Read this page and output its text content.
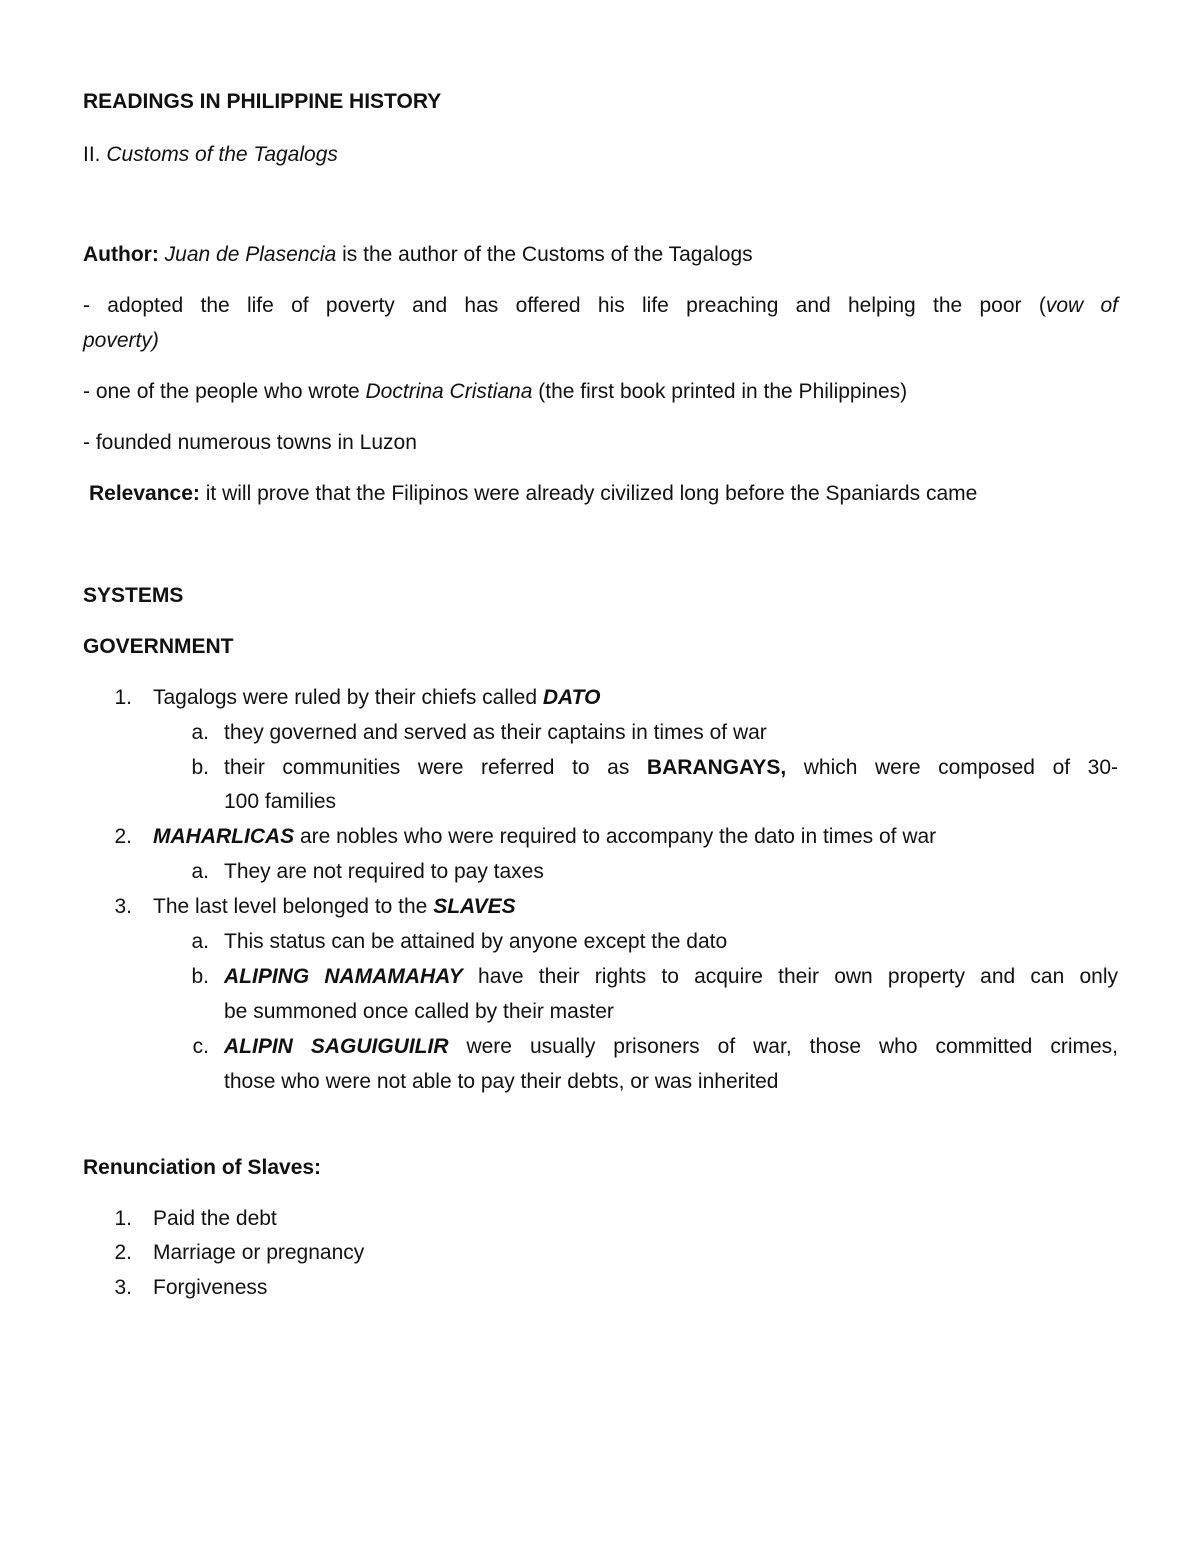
READINGS IN PHILIPPINE HISTORY
II. Customs of the Tagalogs
Author: Juan de Plasencia is the author of the Customs of the Tagalogs
- adopted the life of poverty and has offered his life preaching and helping the poor (vow of
poverty)
- one of the people who wrote Doctrina Cristiana (the first book printed in the Philippines)
- founded numerous towns in Luzon
Relevance: it will prove that the Filipinos were already civilized long before the Spaniards came
SYSTEMS
GOVERNMENT
1. Tagalogs were ruled by their chiefs called DATO
a. they governed and served as their captains in times of war
b. their communities were referred to as BARANGAYS, which were composed of 30-
100 families
2. MAHARLICAS are nobles who were required to accompany the dato in times of war
a. They are not required to pay taxes
3. The last level belonged to the SLAVES
a. This status can be attained by anyone except the dato
b. ALIPING NAMAMAHAY have their rights to acquire their own property and can only
be summoned once called by their master
c. ALIPIN SAGUIGUILIR were usually prisoners of war, those who committed crimes,
those who were not able to pay their debts, or was inherited
Renunciation of Slaves:
1. Paid the debt
2. Marriage or pregnancy
3. Forgiveness
